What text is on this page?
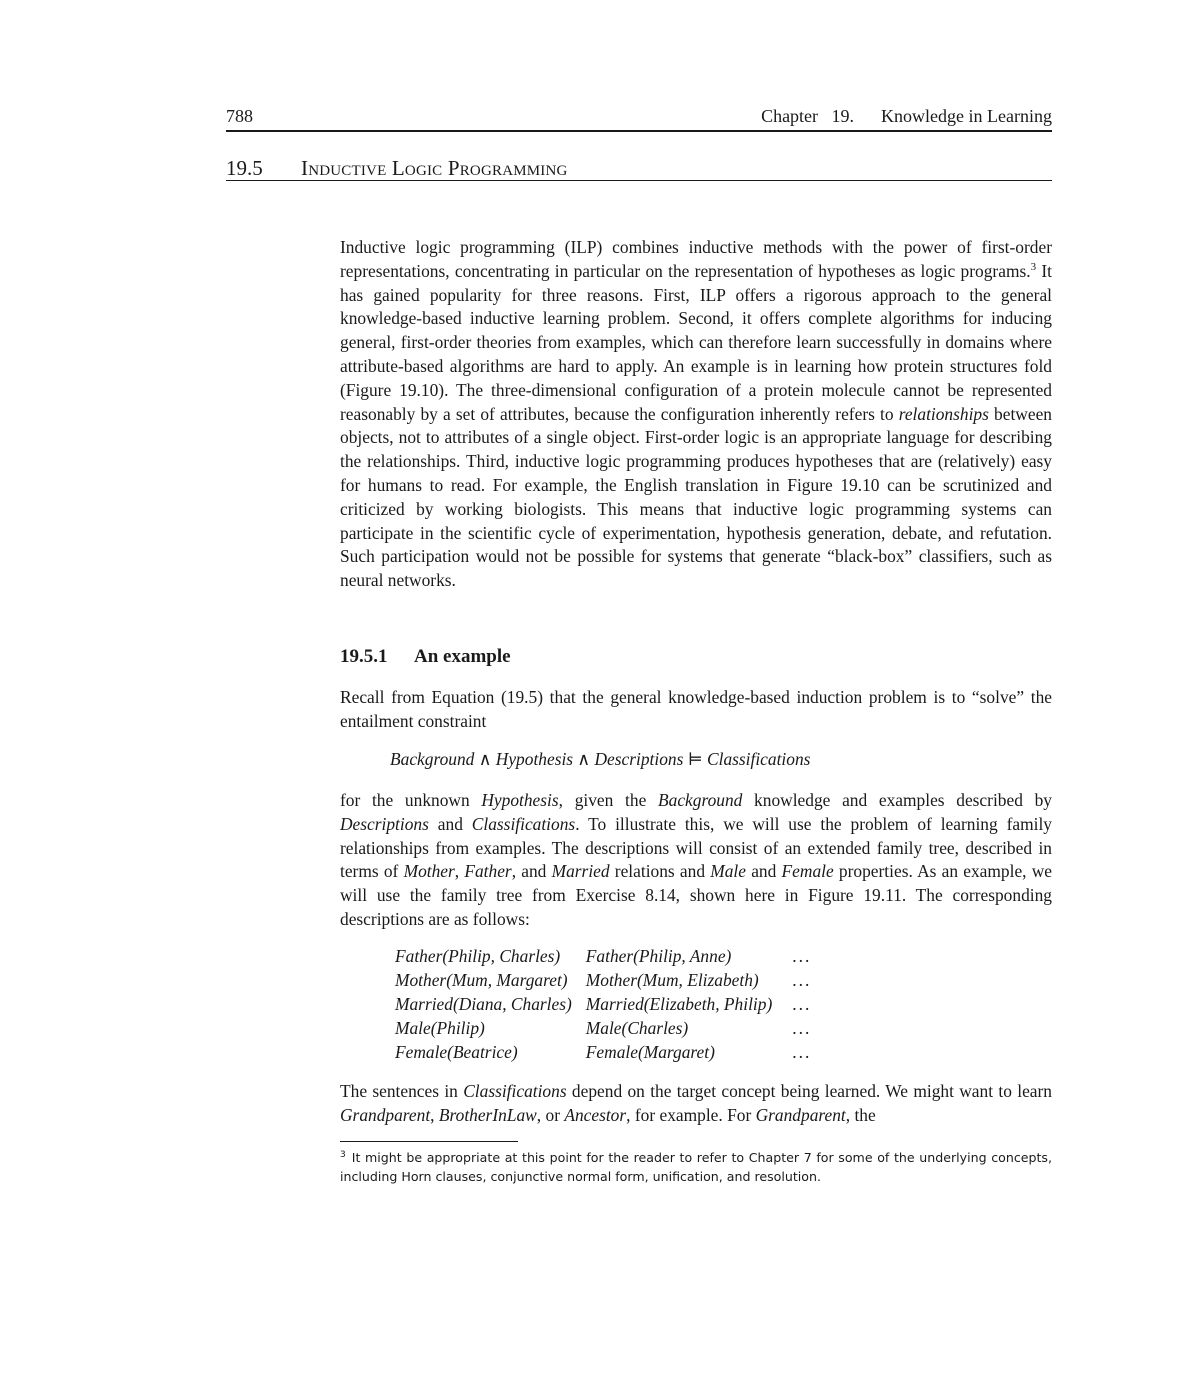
788	Chapter   19.      Knowledge in Learning
19.5 Inductive Logic Programming
Inductive logic programming (ILP) combines inductive methods with the power of first-order representations, concentrating in particular on the representation of hypotheses as logic programs.$^3$ It has gained popularity for three reasons. First, ILP offers a rigorous approach to the general knowledge-based inductive learning problem. Second, it offers complete algorithms for inducing general, first-order theories from examples, which can therefore learn successfully in domains where attribute-based algorithms are hard to apply. An example is in learning how protein structures fold (Figure 19.10). The three-dimensional configuration of a protein molecule cannot be represented reasonably by a set of attributes, because the configuration inherently refers to relationships between objects, not to attributes of a single object. First-order logic is an appropriate language for describing the relationships. Third, inductive logic programming produces hypotheses that are (relatively) easy for humans to read. For example, the English translation in Figure 19.10 can be scrutinized and criticized by working biologists. This means that inductive logic programming systems can participate in the scientific cycle of experimentation, hypothesis generation, debate, and refutation. Such participation would not be possible for systems that generate “black-box” classifiers, such as neural networks.
19.5.1 An example
Recall from Equation (19.5) that the general knowledge-based induction problem is to “solve” the entailment constraint
Background ∧ Hypothesis ∧ Descriptions ⊨ Classifications
for the unknown Hypothesis, given the Background knowledge and examples described by Descriptions and Classifications. To illustrate this, we will use the problem of learning family relationships from examples. The descriptions will consist of an extended family tree, described in terms of Mother, Father, and Married relations and Male and Female properties. As an example, we will use the family tree from Exercise 8.14, shown here in Figure 19.11. The corresponding descriptions are as follows:
Father(Philip, Charles)	Father(Philip, Anne)	...
Mother(Mum, Margaret)	Mother(Mum, Elizabeth)	...
Married(Diana, Charles)	Married(Elizabeth, Philip)	...
Male(Philip)	Male(Charles)	...
Female(Beatrice)	Female(Margaret)	...
The sentences in Classifications depend on the target concept being learned. We might want to learn Grandparent, BrotherInLaw, or Ancestor, for example. For Grandparent, the
$^3$ It might be appropriate at this point for the reader to refer to Chapter 7 for some of the underlying concepts, including Horn clauses, conjunctive normal form, unification, and resolution.
